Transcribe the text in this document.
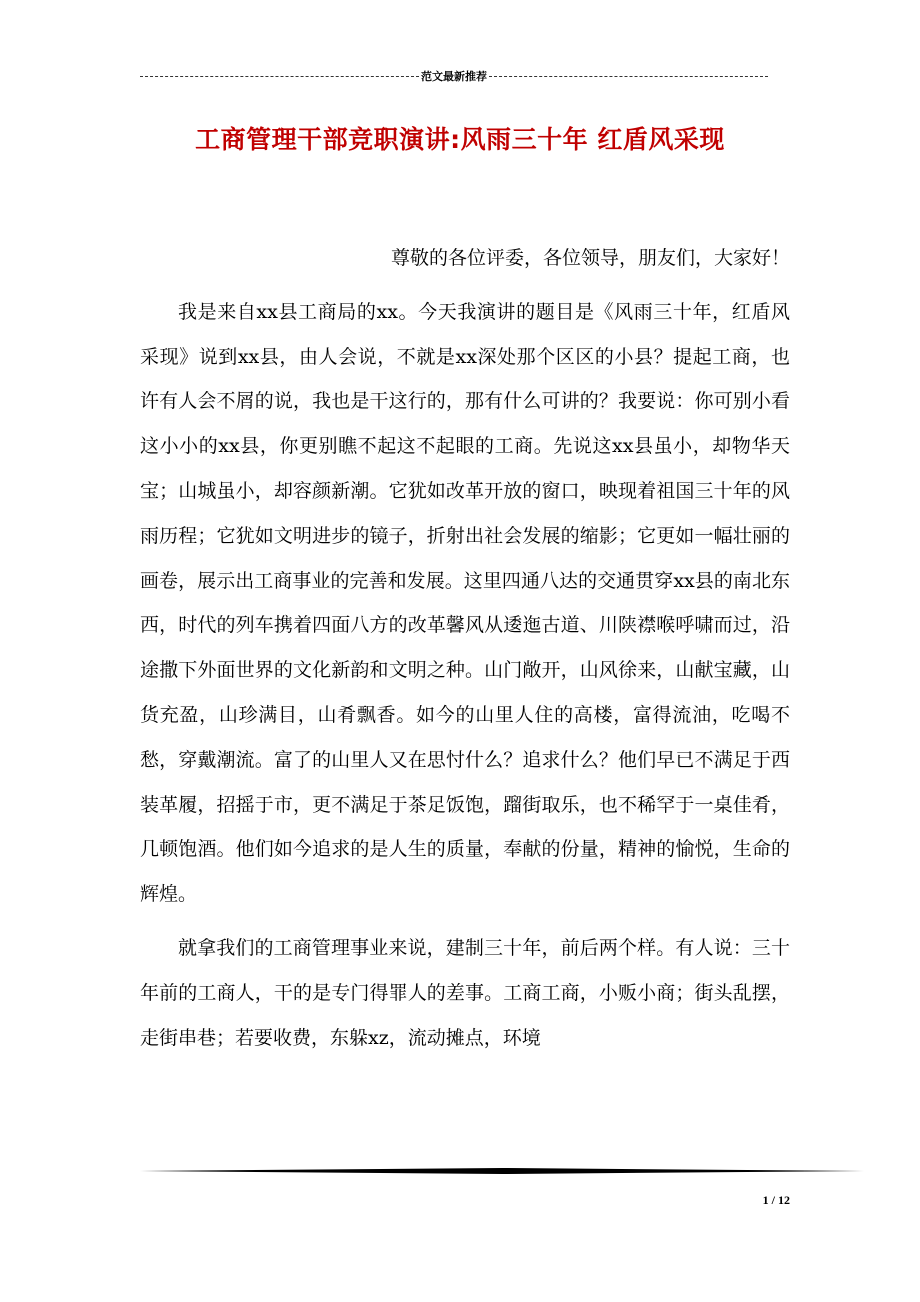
范文最新推荐
工商管理干部竞职演讲:风雨三十年 红盾风采现

尊敬的各位评委，各位领导，朋友们，大家好！

我是来自xx县工商局的xx。今天我演讲的题目是《风雨三十年，红盾风采现》说到xx县，由人会说，不就是xx深处那个区区的小县？提起工商，也许有人会不屑的说，我也是干这行的，那有什么可讲的？我要说：你可别小看这小小的xx县，你更别瞧不起这不起眼的工商。先说这xx县虽小，却物华天宝；山城虽小，却容颜新潮。它犹如改革开放的窗口，映现着祖国三十年的风雨历程；它犹如文明进步的镜子，折射出社会发展的缩影；它更如一幅壮丽的画卷，展示出工商事业的完善和发展。这里四通八达的交通贯穿xx县的南北东西，时代的列车携着四面八方的改革馨风从逶迤古道、川陕襟喉呼啸而过，沿途撒下外面世界的文化新韵和文明之种。山门敞开，山风徐来，山献宝藏，山货充盈，山珍满目，山肴飘香。如今的山里人住的高楼，富得流油，吃喝不愁，穿戴潮流。富了的山里人又在思忖什么？追求什么？他们早已不满足于西装革履，招摇于市，更不满足于茶足饭饱，蹓街取乐，也不稀罕于一桌佳肴，几顿饱酒。他们如今追求的是人生的质量，奉献的份量，精神的愉悦，生命的辉煌。

就拿我们的工商管理事业来说，建制三十年，前后两个样。有人说：三十年前的工商人，干的是专门得罪人的差事。工商工商，小贩小商；街头乱摆，走街串巷；若要收费，东躲xz，流动摊点，环境

1 / 12
